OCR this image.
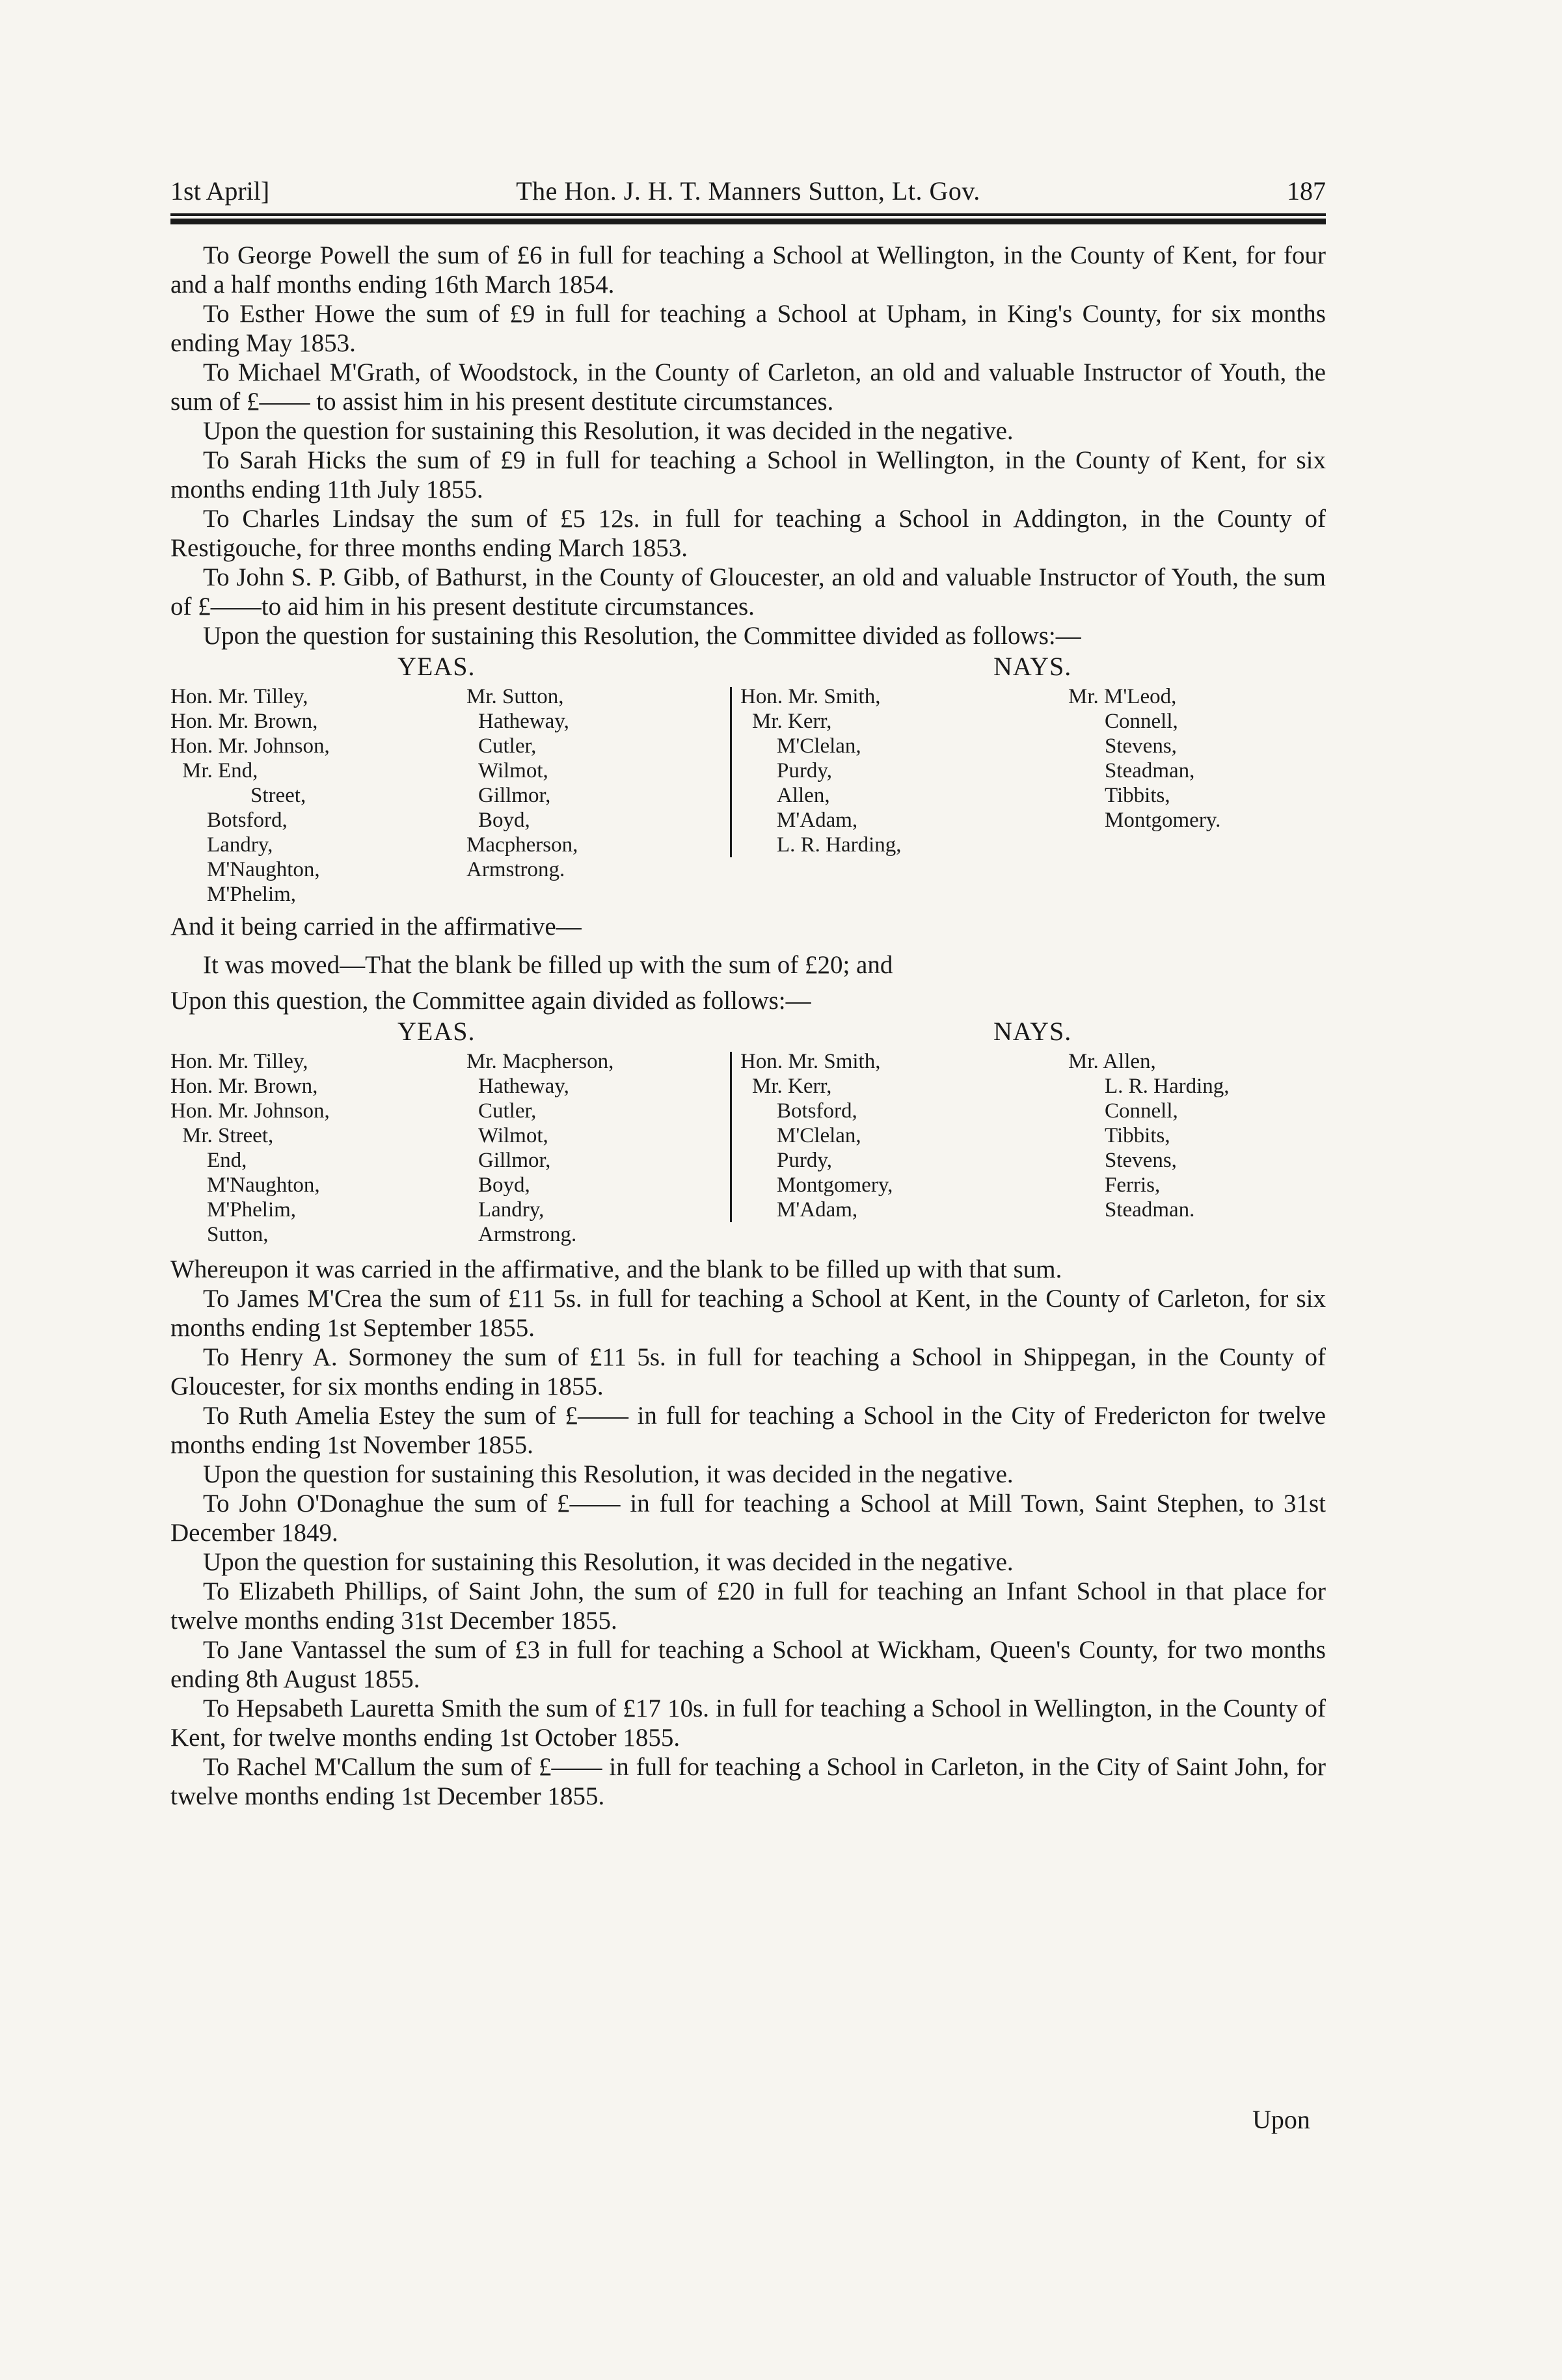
1st April]	The Hon. J. H. T. Manners Sutton, Lt. Gov.	187

To George Powell the sum of £6 in full for teaching a School at Wellington, in the County of Kent, for four and a half months ending 16th March 1854.

To Esther Howe the sum of £9 in full for teaching a School at Upham, in King's County, for six months ending May 1853.

To Michael M'Grath, of Woodstock, in the County of Carleton, an old and valuable Instructor of Youth, the sum of £—— to assist him in his present destitute circumstances.

Upon the question for sustaining this Resolution, it was decided in the negative.

To Sarah Hicks the sum of £9 in full for teaching a School in Wellington, in the County of Kent, for six months ending 11th July 1855.

To Charles Lindsay the sum of £5 12s. in full for teaching a School in Addington, in the County of Restigouche, for three months ending March 1853.

To John S. P. Gibb, of Bathurst, in the County of Gloucester, an old and valuable Instructor of Youth, the sum of £——to aid him in his present destitute circumstances.

Upon the question for sustaining this Resolution, the Committee divided as follows:—

YEAS.	NAYS.
Hon. Mr. Tilley,
Hon. Mr. Brown,
Hon. Mr. Johnson,
Mr. End,
Street,
Botsford,
Landry,
M'Naughton,
M'Phelim,
Mr. Sutton,
Hatheway,
Cutler,
Wilmot,
Gillmor,
Boyd,
Macpherson,
Armstrong.
Hon. Mr. Smith,
Mr. Kerr,
M'Clelan,
Purdy,
Allen,
M'Adam,
L. R. Harding,
Mr. M'Leod,
Connell,
Stevens,
Steadman,
Tibbits,
Montgomery.

And it being carried in the affirmative—

It was moved—That the blank be filled up with the sum of £20; and

Upon this question, the Committee again divided as follows:—

YEAS.	NAYS.
Hon. Mr. Tilley,
Hon. Mr. Brown,
Hon. Mr. Johnson,
Mr. Street,
End,
M'Naughton,
M'Phelim,
Sutton,
Mr. Macpherson,
Hatheway,
Cutler,
Wilmot,
Gillmor,
Boyd,
Landry,
Armstrong.
Hon. Mr. Smith,
Mr. Kerr,
Botsford,
M'Clelan,
Purdy,
Montgomery,
M'Adam,
Mr. Allen,
L. R. Harding,
Connell,
Tibbits,
Stevens,
Ferris,
Steadman.

Whereupon it was carried in the affirmative, and the blank to be filled up with that sum.

To James M'Crea the sum of £11 5s. in full for teaching a School at Kent, in the County of Carleton, for six months ending 1st September 1855.

To Henry A. Sormoney the sum of £11 5s. in full for teaching a School in Shippegan, in the County of Gloucester, for six months ending in 1855.

To Ruth Amelia Estey the sum of £—— in full for teaching a School in the City of Fredericton for twelve months ending 1st November 1855.

Upon the question for sustaining this Resolution, it was decided in the negative.

To John O'Donaghue the sum of £—— in full for teaching a School at Mill Town, Saint Stephen, to 31st December 1849.

Upon the question for sustaining this Resolution, it was decided in the negative.

To Elizabeth Phillips, of Saint John, the sum of £20 in full for teaching an Infant School in that place for twelve months ending 31st December 1855.

To Jane Vantassel the sum of £3 in full for teaching a School at Wickham, Queen's County, for two months ending 8th August 1855.

To Hepsabeth Lauretta Smith the sum of £17 10s. in full for teaching a School in Wellington, in the County of Kent, for twelve months ending 1st October 1855.

To Rachel M'Callum the sum of £—— in full for teaching a School in Carleton, in the City of Saint John, for twelve months ending 1st December 1855.

Upon
